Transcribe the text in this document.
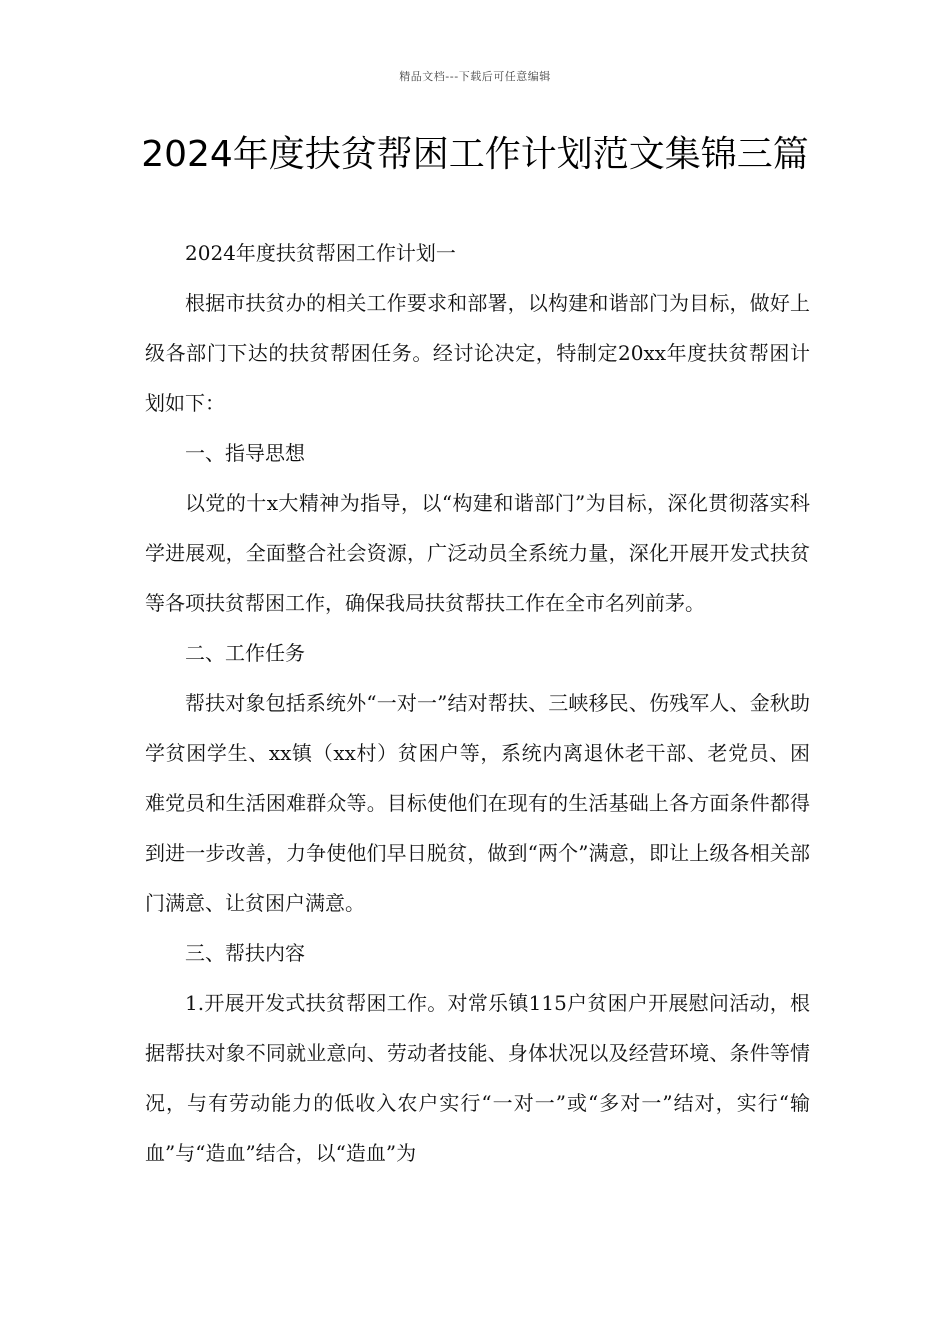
精品文档---下载后可任意编辑
2024年度扶贫帮困工作计划范文集锦三篇

2024年度扶贫帮困工作计划一

根据市扶贫办的相关工作要求和部署，以构建和谐部门为目标，做好上级各部门下达的扶贫帮困任务。经讨论决定，特制定20xx年度扶贫帮困计划如下：

一、指导思想

以党的十x大精神为指导，以“构建和谐部门”为目标，深化贯彻落实科学进展观，全面整合社会资源，广泛动员全系统力量，深化开展开发式扶贫等各项扶贫帮困工作，确保我局扶贫帮扶工作在全市名列前茅。

二、工作任务

帮扶对象包括系统外“一对一”结对帮扶、三峡移民、伤残军人、金秋助学贫困学生、xx镇（xx村）贫困户等，系统内离退休老干部、老党员、困难党员和生活困难群众等。目标使他们在现有的生活基础上各方面条件都得到进一步改善，力争使他们早日脱贫，做到“两个”满意，即让上级各相关部门满意、让贫困户满意。

三、帮扶内容

1.开展开发式扶贫帮困工作。对常乐镇115户贫困户开展慰问活动，根据帮扶对象不同就业意向、劳动者技能、身体状况以及经营环境、条件等情况，与有劳动能力的低收入农户实行“一对一”或“多对一”结对，实行“输血”与“造血”结合，以“造血”为
